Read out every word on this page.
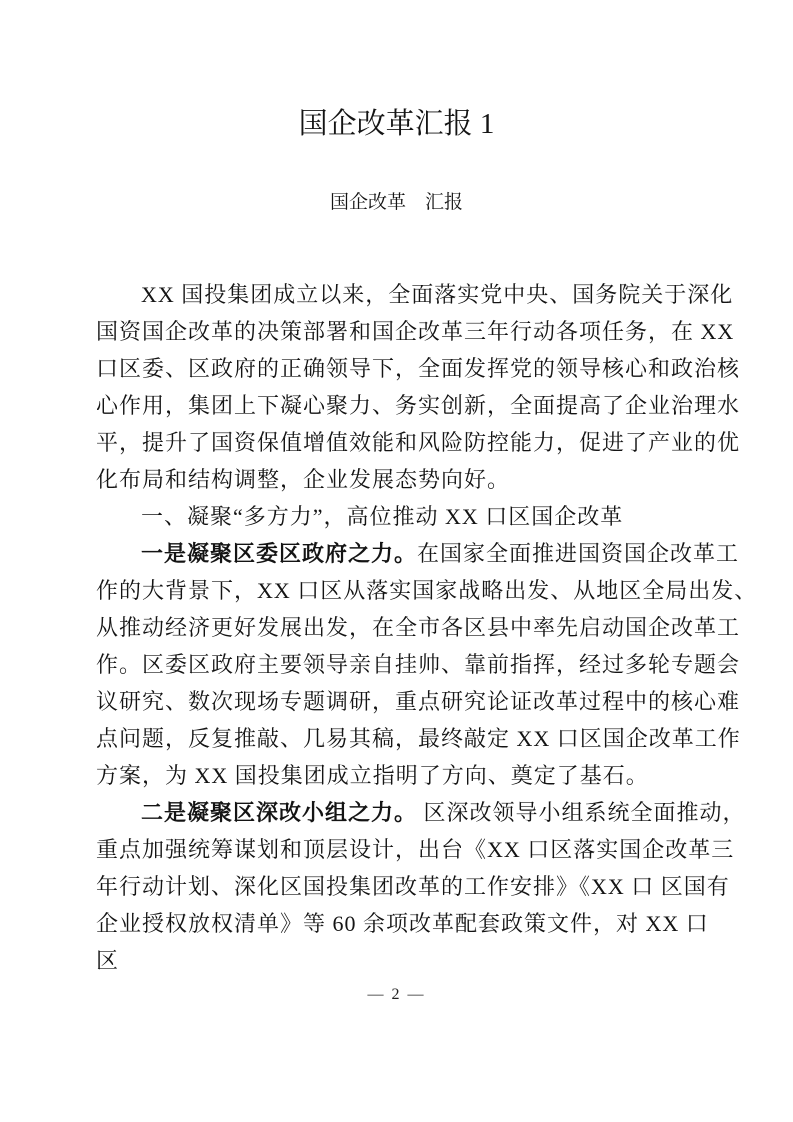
国企改革汇报 1
国企改革　汇报
XX 国投集团成立以来，全面落实党中央、国务院关于深化
国资国企改革的决策部署和国企改革三年行动各项任务，在 XX
口区委、区政府的正确领导下，全面发挥党的领导核心和政治核
心作用，集团上下凝心聚力、务实创新，全面提高了企业治理水
平，提升了国资保值增值效能和风险防控能力，促进了产业的优
化布局和结构调整，企业发展态势向好。
一、凝聚“多方力”，高位推动 XX 口区国企改革
一是凝聚区委区政府之力。在国家全面推进国资国企改革工
作的大背景下，XX 口区从落实国家战略出发、从地区全局出发、
从推动经济更好发展出发，在全市各区县中率先启动国企改革工
作。区委区政府主要领导亲自挂帅、靠前指挥，经过多轮专题会
议研究、数次现场专题调研，重点研究论证改革过程中的核心难
点问题，反复推敲、几易其稿，最终敲定 XX 口区国企改革工作
方案，为 XX 国投集团成立指明了方向、奠定了基石。
二是凝聚区深改小组之力。 区深改领导小组系统全面推动，
重点加强统筹谋划和顶层设计，出台《XX 口区落实国企改革三
年行动计划、深化区国投集团改革的工作安排》《XX 口 区国有
企业授权放权清单》等 60 余项改革配套政策文件，对 XX 口
区
— 2 —
